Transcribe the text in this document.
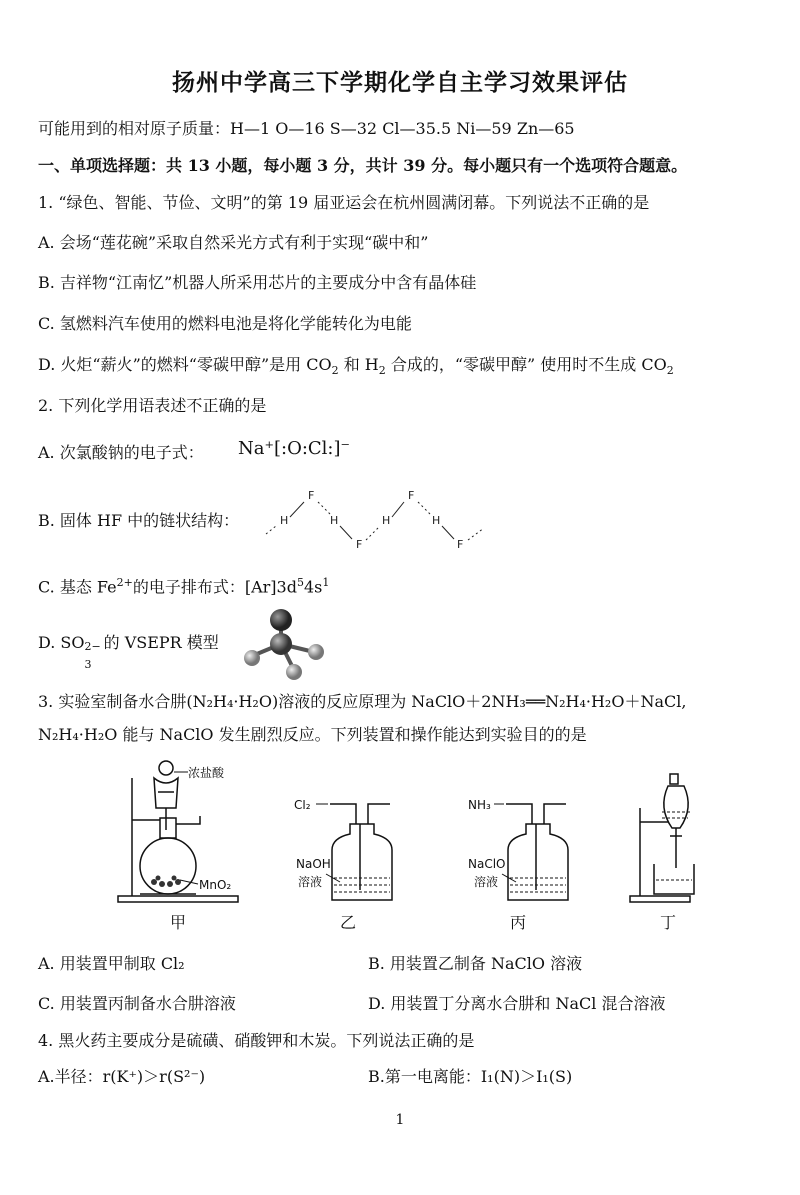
扬州中学高三下学期化学自主学习效果评估
可能用到的相对原子质量：H—1 O—16 S—32 Cl—35.5 Ni—59 Zn—65
一、单项选择题：共 13 小题，每小题 3 分，共计 39 分。每小题只有一个选项符合题意。
1. “绿色、智能、节俭、文明”的第 19 届亚运会在杭州圆满闭幕。下列说法不正确的是
A. 会场“莲花碗”采取自然采光方式有利于实现“碳中和”
B. 吉祥物“江南忆”机器人所采用芯片的主要成分中含有晶体硅
C. 氢燃料汽车使用的燃料电池是将化学能转化为电能
D. 火炬“薪火”的燃料“零碳甲醇”是用 $CO_2$ 和 $H_2$ 合成的，“零碳甲醇” 使用时不生成 $CO_2$
2. 下列化学用语表述不正确的是
A. 次氯酸钠的电子式： Na⁺[:O:Cl:]⁻
B. 固体 HF 中的链状结构：	H
F
H
F
H
F
H
F
C. 基态 $Fe^{2+}$的电子排布式：$[Ar]3d^54s^1$
D. SO 2−
3
的 VSEPR 模型
3. 实验室制备水合肼(N₂H₄·H₂O)溶液的反应原理为 NaClO＋2NH₃══N₂H₄·H₂O＋NaCl,
N₂H₄·H₂O 能与 NaClO 发生剧烈反应。下列装置和操作能达到实验目的的是
浓盐酸
MnO₂
甲
Cl₂
NaOH
溶液
乙
NH₃
NaClO
溶液
丙	丁
A. 用装置甲制取 Cl₂	B. 用装置乙制备 NaClO 溶液
C. 用装置丙制备水合肼溶液	D. 用装置丁分离水合肼和 NaCl 混合溶液
4. 黑火药主要成分是硫磺、硝酸钾和木炭。下列说法正确的是
A.半径：r(K⁺)＞r(S²⁻)	B.第一电离能：I₁(N)＞I₁(S)
1
